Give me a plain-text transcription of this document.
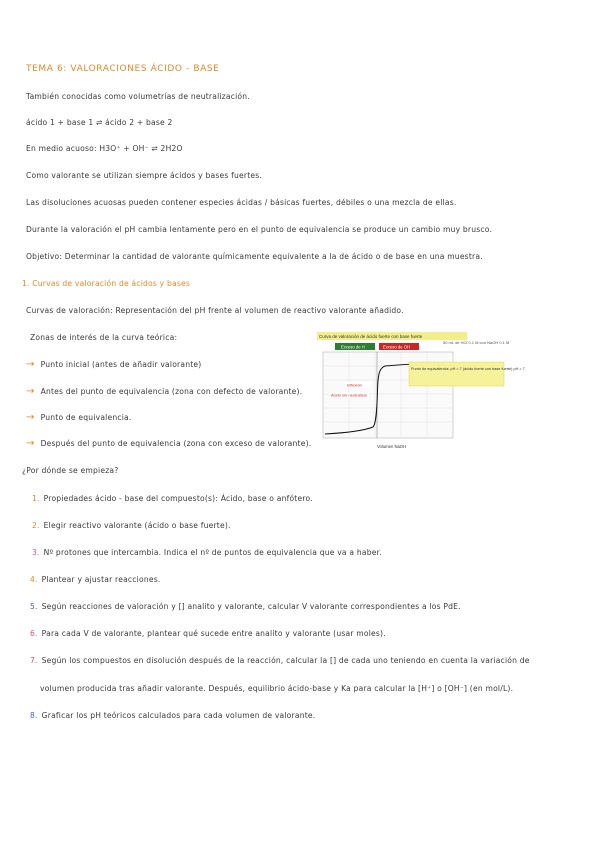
TEMA 6: VALORACIONES ÁCIDO - BASE
También conocidas como volumetrías de neutralización.
ácido 1 + base 1 ⇌ ácido 2 + base 2
En medio acuoso: H3O⁺ + OH⁻ ⇌ 2H2O
Como valorante se utilizan siempre ácidos y bases fuertes.
Las disoluciones acuosas pueden contener especies ácidas / básicas fuertes, débiles o una mezcla de ellas.
Durante la valoración el pH cambia lentamente pero en el punto de equivalencia se produce un cambio muy brusco.
Objetivo: Determinar la cantidad de valorante químicamente equivalente a la de ácido o de base en una muestra.
1. Curvas de valoración de ácidos y bases
Curvas de valoración: Representación del pH frente al volumen de reactivo valorante añadido.
Zonas de interés de la curva teórica:
→ Punto inicial (antes de añadir valorante)
→ Antes del punto de equivalencia (zona con defecto de valorante).
→ Punto de equivalencia.
→ Después del punto de equivalencia (zona con exceso de valorante).
Curva de valoración de ácido fuerte con base fuerte
Exceso de H	Exceso de OH
50 mL de HCl 0.1 M con NaOH 0.1 M
Inflexión
Ácido sin neutralizar
Punto de equivalencia: pH = 7 (ácido fuerte con base fuerte) pH = 7
Volumen NaOH
¿Por dónde se empieza?
1. Propiedades ácido - base del compuesto(s): Ácido, base o anfótero.
2. Elegir reactivo valorante (ácido o base fuerte).
3. Nº protones que intercambia. Indica el nº de puntos de equivalencia que va a haber.
4. Plantear y ajustar reacciones.
5. Según reacciones de valoración y [] analito y valorante, calcular V valorante correspondientes a los PdE.
6. Para cada V de valorante, plantear qué sucede entre analito y valorante (usar moles).
7. Según los compuestos en disolución después de la reacción, calcular la [] de cada uno teniendo en cuenta la variación de
volumen producida tras añadir valorante. Después, equilibrio ácido-base y Ka para calcular la [H⁺] o [OH⁻] (en mol/L).
8. Graficar los pH teóricos calculados para cada volumen de valorante.
